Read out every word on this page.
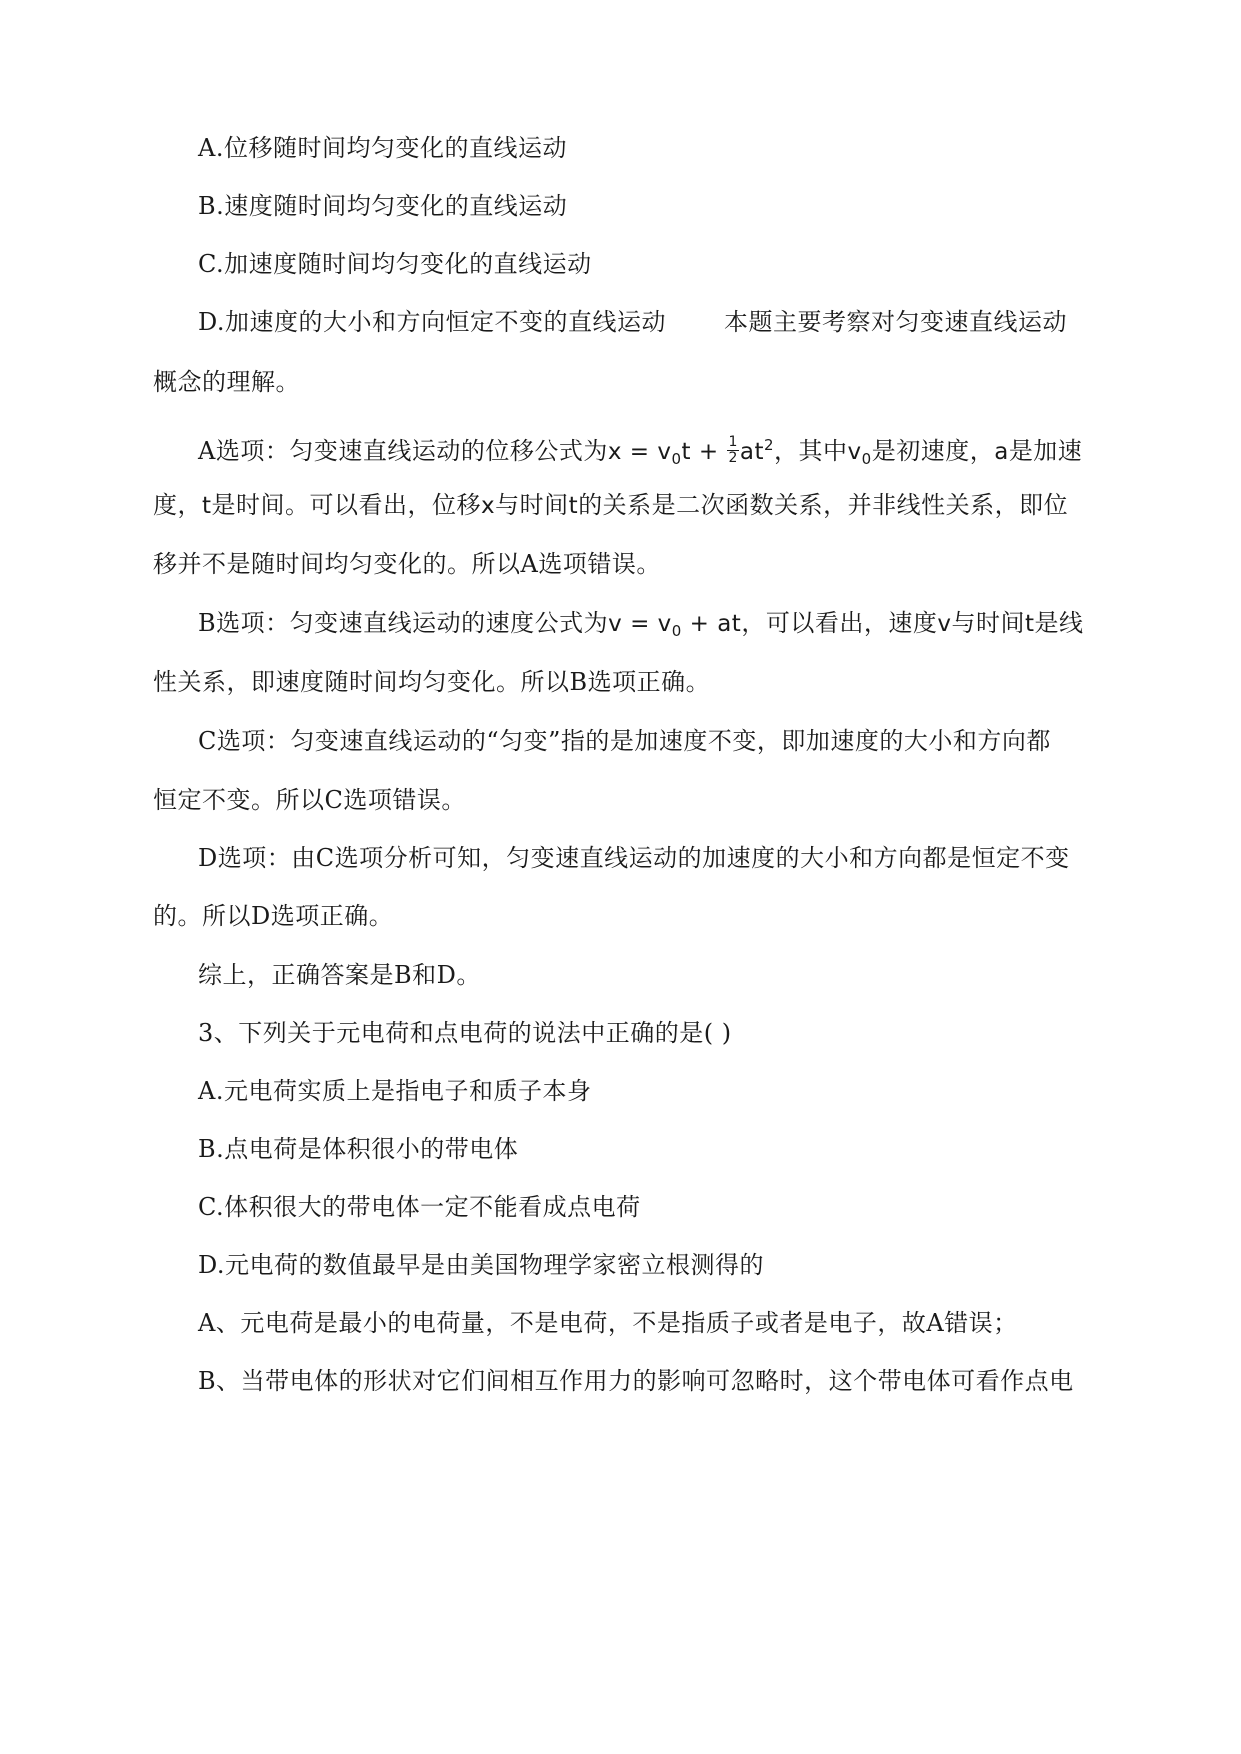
A.位移随时间均匀变化的直线运动
B.速度随时间均匀变化的直线运动
C.加速度随时间均匀变化的直线运动
D.加速度的大小和方向恒定不变的直线运动 本题主要考察对匀变速直线运动
概念的理解。
A选项：匀变速直线运动的位移公式为$x = v_0t + \frac{1}{2} at^2$，其中$v_0$是初速度，a是加速
度，t是时间。可以看出，位移x与时间t的关系是二次函数关系，并非线性关系，即位
移并不是随时间均匀变化的。所以A选项错误。
B选项：匀变速直线运动的速度公式为$v = v_0$ + at，可以看出，速度v与时间t是线
性关系，即速度随时间均匀变化。所以B选项正确。
C选项：匀变速直线运动的“匀变”指的是加速度不变，即加速度的大小和方向都
恒定不变。所以C选项错误。
D选项：由C选项分析可知，匀变速直线运动的加速度的大小和方向都是恒定不变
的。所以D选项正确。
综上，正确答案是B和D。
3、下列关于元电荷和点电荷的说法中正确的是( )
A.元电荷实质上是指电子和质子本身
B.点电荷是体积很小的带电体
C.体积很大的带电体一定不能看成点电荷
D.元电荷的数值最早是由美国物理学家密立根测得的
A、元电荷是最小的电荷量，不是电荷，不是指质子或者是电子，故A错误；
B、当带电体的形状对它们间相互作用力的影响可忽略时，这个带电体可看作点电
